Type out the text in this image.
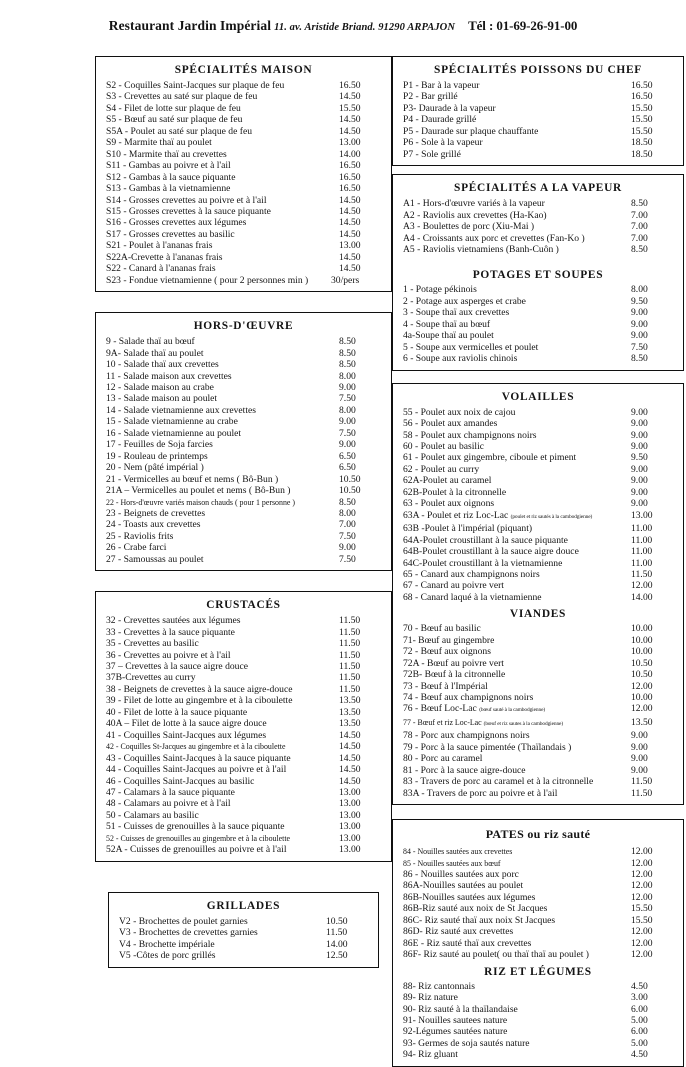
Restaurant Jardin Impérial 11. av. Aristide Briand. 91290 ARPAJON Tél : 01-69-26-91-00
SPÉCIALITÉS MAISON
S2 - Coquilles Saint-Jacques sur plaque de feu	16.50
S3 - Crevettes au saté sur plaque de feu	14.50
S4 - Filet de lotte sur plaque de feu	15.50
S5 - Bœuf au saté sur plaque de feu	14.50
S5A - Poulet au saté sur plaque de feu	14.50
S9 - Marmite thaï au poulet	13.00
S10 - Marmite thaï au crevettes	14.00
S11 - Gambas au poivre et à l'ail	16.50
S12 - Gambas à la sauce piquante	16.50
S13 - Gambas à la vietnamienne	16.50
S14 - Grosses crevettes au poivre et à l'ail	14.50
S15 - Grosses crevettes à la sauce piquante	14.50
S16 - Grosses crevettes aux légumes	14.50
S17 - Grosses crevettes au basilic	14.50
S21 - Poulet à l'ananas frais	13.00
S22A-Crevette à l'ananas frais	14.50
S22 - Canard à l'ananas frais	14.50
S23 - Fondue vietnamienne ( pour 2 personnes min )	30/pers
HORS-D'ŒUVRE
9 - Salade thaï au bœuf	8.50
9A- Salade thaï au poulet	8.50
10 - Salade thaï aux crevettes	8.50
11 - Salade maison aux crevettes	8.00
12 - Salade maison au crabe	9.00
13 - Salade maison au poulet	7.50
14 - Salade vietnamienne aux crevettes	8.00
15 - Salade vietnamienne au crabe	9.00
16 - Salade vietnamienne au poulet	7.50
17 - Feuilles de Soja farcies	9.00
19 - Rouleau de printemps	6.50
20 - Nem (pâté impérial )	6.50
21 - Vermicelles au bœuf et nems ( Bô-Bun )	10.50
21A – Vermicelles au poulet et nems ( Bô-Bun )	10.50
22 - Hors-d'œuvre variés maison chauds ( pour 1 personne )	8.50
23 - Beignets de crevettes	8.00
24 - Toasts aux crevettes	7.00
25 - Raviolis frits	7.50
26 - Crabe farci	9.00
27 - Samoussas au poulet	7.50
CRUSTACÉS
32 - Crevettes sautées aux légumes	11.50
33 - Crevettes à la sauce piquante	11.50
35 - Crevettes au basilic	11.50
36 - Crevettes au poivre et à l'ail	11.50
37 – Crevettes à la sauce aigre douce	11.50
37B-Crevettes au curry	11.50
38 - Beignets de crevettes à la sauce aigre-douce	11.50
39 - Filet de lotte au gingembre et à la ciboulette	13.50
40 - Filet de lotte à la sauce piquante	13.50
40A – Filet de lotte à la sauce aigre douce	13.50
41 - Coquilles Saint-Jacques aux légumes	14.50
42 - Coquilles St-Jacques au gingembre et à la ciboulette	14.50
43 - Coquilles Saint-Jacques à la sauce piquante	14.50
44 - Coquilles Saint-Jacques au poivre et à l'ail	14.50
46 - Coquilles Saint-Jacques au basilic	14.50
47 - Calamars à la sauce piquante	13.00
48 - Calamars au poivre et à l'ail	13.00
50 - Calamars au basilic	13.00
51 - Cuisses de grenouilles à la sauce piquante	13.00
52 - Cuisses de grenouilles au gingembre et à la ciboulette	13.00
52A - Cuisses de grenouilles au poivre et à l'ail	13.00
GRILLADES
V2 - Brochettes de poulet garnies	10.50
V3 - Brochettes de crevettes garnies	11.50
V4 - Brochette impériale	14.00
V5 -Côtes de porc grillés	12.50
SPÉCIALITÉS POISSONS DU CHEF
P1 - Bar à la vapeur	16.50
P2 - Bar grillé	16.50
P3- Daurade à la vapeur	15.50
P4 - Daurade grillé	15.50
P5 - Daurade sur plaque chauffante	15.50
P6 - Sole à la vapeur	18.50
P7 - Sole grillé	18.50
SPÉCIALITÉS A LA VAPEUR
A1 - Hors-d'œuvre variés à la vapeur	8.50
A2 - Raviolis aux crevettes (Ha-Kao)	7.00
A3 - Boulettes de porc (Xiu-Mai )	7.00
A4 - Croissants aux porc et crevettes (Fan-Ko )	7.00
A5 - Raviolis vietnamiens (Banh-Cuôn )	8.50
POTAGES ET SOUPES
1 - Potage pékinois	8.00
2 - Potage aux asperges et crabe	9.50
3 - Soupe thaï aux crevettes	9.00
4 - Soupe thaï au bœuf	9.00
4a-Soupe thaï au poulet	9.00
5 - Soupe aux vermicelles et poulet	7.50
6 - Soupe aux raviolis chinois	8.50
VOLAILLES
55 - Poulet aux noix de cajou	9.00
56 - Poulet aux amandes	9.00
58 - Poulet aux champignons noirs	9.00
60 - Poulet au basilic	9.00
61 - Poulet aux gingembre, ciboule et piment	9.50
62 - Poulet au curry	9.00
62A-Poulet au caramel	9.00
62B-Poulet à la citronnelle	9.00
63 - Poulet aux oignons	9.00
63A - Poulet et riz Loc-Lac (poulet et riz sautés à la cambodgienne)	13.00
63B -Poulet à l'impérial (piquant)	11.00
64A-Poulet croustillant à la sauce piquante	11.00
64B-Poulet croustillant à la sauce aigre douce	11.00
64C-Poulet croustillant à la vietnamienne	11.00
65 - Canard aux champignons noirs	11.50
67 - Canard au poivre vert	12.00
68 - Canard laqué à la vietnamienne	14.00
VIANDES
70 - Bœuf au basilic	10.00
71- Bœuf au gingembre	10.00
72 - Bœuf aux oignons	10.00
72A - Bœuf au poivre vert	10.50
72B- Bœuf à la citronnelle	10.50
73 - Bœuf à l'Impérial	12.00
74 - Bœuf aux champignons noirs	10.00
76 - Bœuf Loc-Lac (bœuf sauté à la cambodgienne)	12.00
77 - Bœuf et riz Loc-Lac (bœuf et riz sautes à la cambodgienne)	13.50
78 - Porc aux champignons noirs	9.00
79 - Porc à la sauce pimentée (Thaïlandais )	9.00
80 - Porc au caramel	9.00
81 - Porc à la sauce aigre-douce	9.00
83 - Travers de porc au caramel et à la citronnelle	11.50
83A - Travers de porc au poivre et à l'ail	11.50
PATES ou riz sauté
84 - Nouilles sautées aux crevettes	12.00
85 - Nouilles sautées aux bœuf	12.00
86 - Nouilles sautées aux porc	12.00
86A-Nouilles sautées au poulet	12.00
86B-Nouilles sautées aux légumes	12.00
86B-Riz sauté aux noix de St Jacques	15.50
86C- Riz sauté thaï aux noix St Jacques	15.50
86D- Riz sauté aux crevettes	12.00
86E - Riz sauté thaï aux crevettes	12.00
86F- Riz sauté au poulet( ou thaï thaï au poulet )	12.00
RIZ ET LÉGUMES
88- Riz cantonnais	4.50
89- Riz nature	3.00
90- Riz sauté à la thaïlandaise	6.00
91- Nouilles sautees nature	5.00
92-Légumes sautées nature	6.00
93- Germes de soja sautés nature	5.00
94- Riz gluant	4.50
